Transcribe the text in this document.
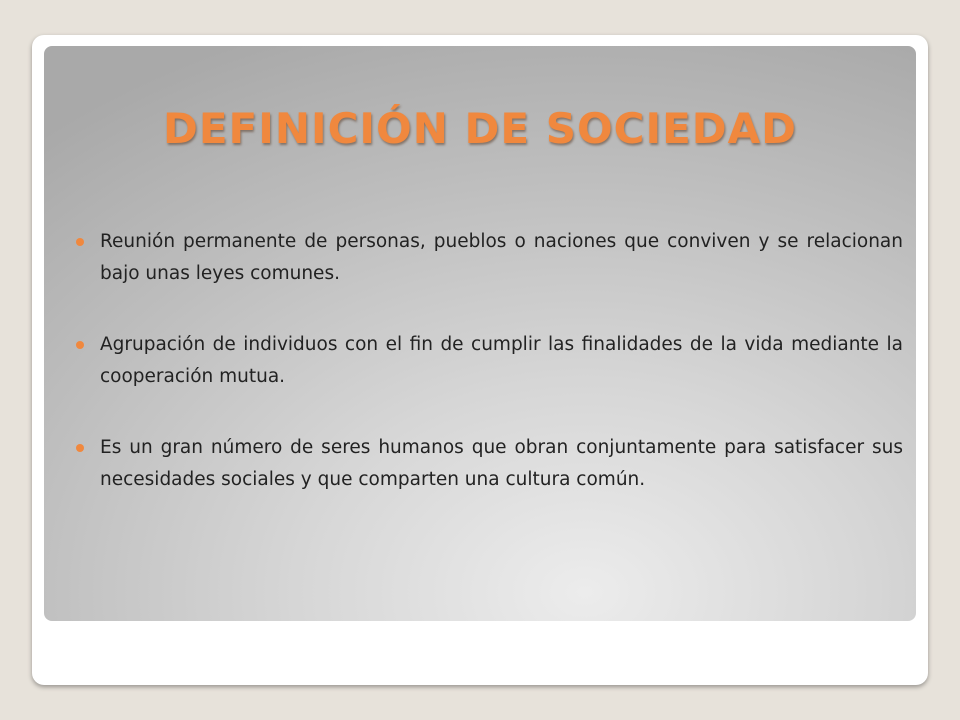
DEFINICIÓN DE SOCIEDAD
Reunión permanente de personas, pueblos o naciones que conviven y se relacionan bajo unas leyes comunes.
Agrupación de individuos con el fin de cumplir las finalidades de la vida mediante la cooperación mutua.
Es un gran número de seres humanos que obran conjuntamente para satisfacer sus necesidades sociales y que comparten una cultura común.
